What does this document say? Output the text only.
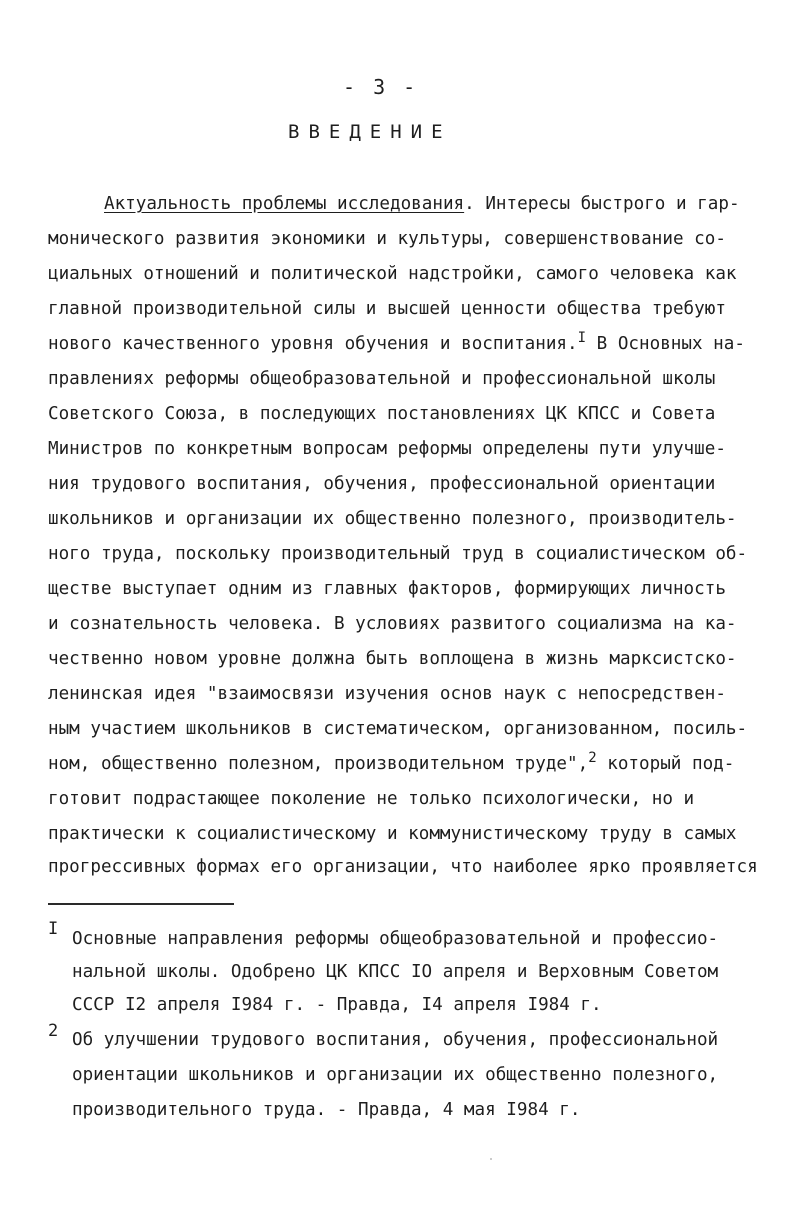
- 3 -
ВВЕДЕНИЕ
Актуальность проблемы исследования. Интересы быстрого и гар-
монического развития экономики и культуры, совершенствование со-
циальных отношений и политической надстройки, самого человека как
главной производительной силы и высшей ценности общества требуют
нового качественного уровня обучения и воспитания.$^I$ В Основных на-
правлениях реформы общеобразовательной и профессиональной школы
Советского Союза, в последующих постановлениях ЦК КПСС и Совета
Министров по конкретным вопросам реформы определены пути улучше-
ния трудового воспитания, обучения, профессиональной ориентации
школьников и организации их общественно полезного, производитель-
ного труда, поскольку производительный труд в социалистическом об-
ществе выступает одним из главных факторов, формирующих личность
и сознательность человека. В условиях развитого социализма на ка-
чественно новом уровне должна быть воплощена в жизнь марксистско-
ленинская идея "взаимосвязи изучения основ наук с непосредствен-
ным участием школьников в систематическом, организованном, посиль-
ном, общественно полезном, производительном труде",$^2$ который под-
готовит подрастающее поколение не только психологически, но и
практически к социалистическому и коммунистическому труду в самых
прогрессивных формах его организации, что наиболее ярко проявляется
I Основные направления реформы общеобразовательной и профессио-
нальной школы. Одобрено ЦК КПСС IO апреля и Верховным Советом
СССР I2 апреля I984 г. - Правда, I4 апреля I984 г.
2 Об улучшении трудового воспитания, обучения, профессиональной
ориентации школьников и организации их общественно полезного,
производительного труда. - Правда, 4 мая I984 г.
